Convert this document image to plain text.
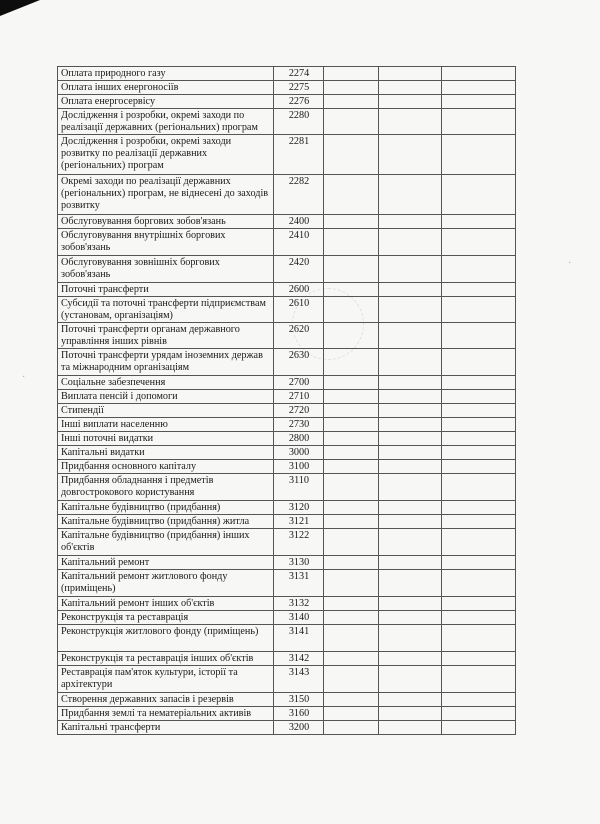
·
·
Оплата природного газу	2274			
Оплата інших енергоносіїв	2275			
Оплата енергосервісу	2276			
Дослідження і розробки, окремі заходи по реалізації державних (регіональних) програм	2280			
Дослідження і розробки, окремі заходи розвитку по реалізації державних (регіональних) програм	2281			
Окремі заходи по реалізації державних (регіональних) програм, не віднесені до заходів розвитку	2282			
Обслуговування боргових зобов'язань	2400			
Обслуговування внутрішніх боргових зобов'язань	2410			
Обслуговування зовнішніх боргових зобов'язань	2420			
Поточні трансферти	2600			
Субсидії та поточні трансферти підприємствам (установам, організаціям)	2610			
Поточні трансферти органам державного управління інших рівнів	2620			
Поточні трансферти урядам іноземних держав та міжнародним організаціям	2630			
Соціальне забезпечення	2700			
Виплата пенсій і допомоги	2710			
Стипендії	2720			
Інші виплати населенню	2730			
Інші поточні видатки	2800			
Капітальні видатки	3000			
Придбання основного капіталу	3100			
Придбання обладнання і предметів довгострокового користування	3110			
Капітальне будівництво (придбання)	3120			
Капітальне будівництво (придбання) житла	3121			
Капітальне будівництво (придбання) інших об'єктів	3122			
Капітальний ремонт	3130			
Капітальний ремонт житлового фонду (приміщень)	3131			
Капітальний ремонт інших об'єктів	3132			
Реконструкція та реставрація	3140			
Реконструкція житлового фонду (приміщень)	3141			
Реконструкція та реставрація інших об'єктів	3142			
Реставрація пам'яток культури, історії та архітектури	3143			
Створення державних запасів і резервів	3150			
Придбання землі та нематеріальних активів	3160			
Капітальні трансферти	3200			
